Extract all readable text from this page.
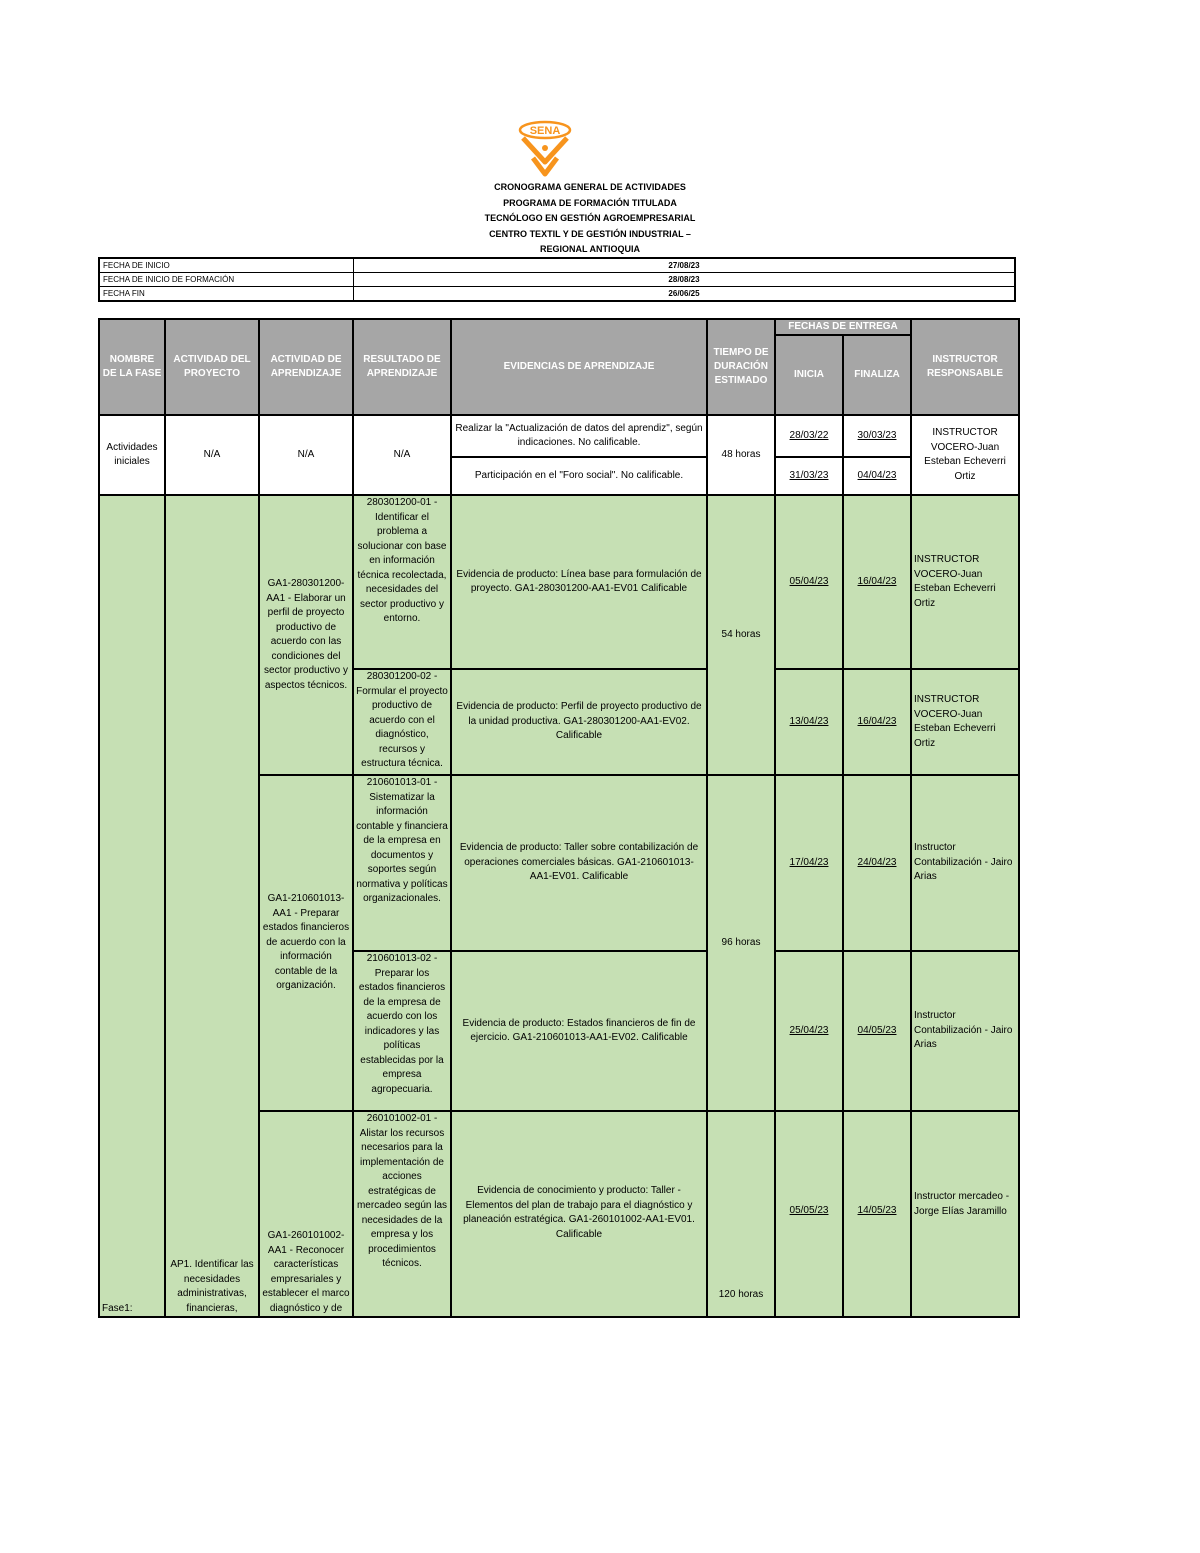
SENA
CRONOGRAMA GENERAL DE ACTIVIDADES
PROGRAMA DE FORMACIÓN TITULADA
TECNÓLOGO EN GESTIÓN AGROEMPRESARIAL
CENTRO TEXTIL Y DE GESTIÓN INDUSTRIAL –
REGIONAL ANTIOQUIA
FECHA DE INICIO	27/08/23
FECHA DE INICIO DE FORMACIÓN	28/08/23
FECHA FIN	26/06/25
NOMBRE DE LA FASE	ACTIVIDAD DEL PROYECTO	ACTIVIDAD DE APRENDIZAJE	RESULTADO DE APRENDIZAJE	EVIDENCIAS DE APRENDIZAJE	TIEMPO DE DURACIÓN ESTIMADO	FECHAS DE ENTREGA		INSTRUCTOR RESPONSABLE
						INICIA	FINALIZA	
Actividades iniciales	N/A	N/A	N/A	Realizar la "Actualización de datos del aprendiz", según indicaciones. No calificable.	48 horas	28/03/22	30/03/23	INSTRUCTOR VOCERO-Juan Esteban Echeverri Ortiz
				Participación en el "Foro social". No calificable.		31/03/23	04/04/23	
Fase1:	AP1. Identificar las necesidades administrativas, financieras,	GA1-280301200-AA1 - Elaborar un perfil de proyecto productivo de acuerdo con las condiciones del sector productivo y aspectos técnicos.	280301200-01 - Identificar el problema a solucionar con base en información técnica recolectada, necesidades del sector productivo y entorno.	Evidencia de producto: Línea base para formulación de proyecto. GA1-280301200-AA1-EV01 Calificable	54 horas	05/04/23	16/04/23	INSTRUCTOR VOCERO-Juan Esteban Echeverri Ortiz

			280301200-02 - Formular el proyecto productivo de acuerdo con el diagnóstico, recursos y estructura técnica.	Evidencia de producto: Perfil de proyecto productivo de la unidad productiva. GA1-280301200-AA1-EV02. Calificable		13/04/23	16/04/23	INSTRUCTOR VOCERO-Juan Esteban Echeverri Ortiz
		GA1-210601013-AA1 - Preparar estados financieros de acuerdo con la información contable de la organización.	210601013-01 - Sistematizar la información contable y financiera de la empresa en documentos y soportes según normativa y políticas organizacionales.	Evidencia de producto: Taller sobre contabilización de operaciones comerciales básicas. GA1-210601013-AA1-EV01. Calificable	96 horas	17/04/23	24/04/23	Instructor Contabilización - Jairo Arias
			210601013-02 - Preparar los estados financieros de la empresa de acuerdo con los indicadores y las políticas establecidas por la empresa agropecuaria.	Evidencia de producto: Estados financieros de fin de ejercicio. GA1-210601013-AA1-EV02. Calificable		25/04/23	04/05/23	Instructor Contabilización - Jairo Arias

		GA1-260101002-AA1 - Reconocer características empresariales y establecer el marco diagnóstico y de	260101002-01 - Alistar los recursos necesarios para la implementación de acciones estratégicas de mercadeo según las necesidades de la empresa y los procedimientos técnicos.	Evidencia de conocimiento y producto: Taller - Elementos del plan de trabajo para el diagnóstico y planeación estratégica. GA1-260101002-AA1-EV01. Calificable	120 horas	05/05/23	14/05/23	Instructor mercadeo -Jorge Elías Jaramillo
